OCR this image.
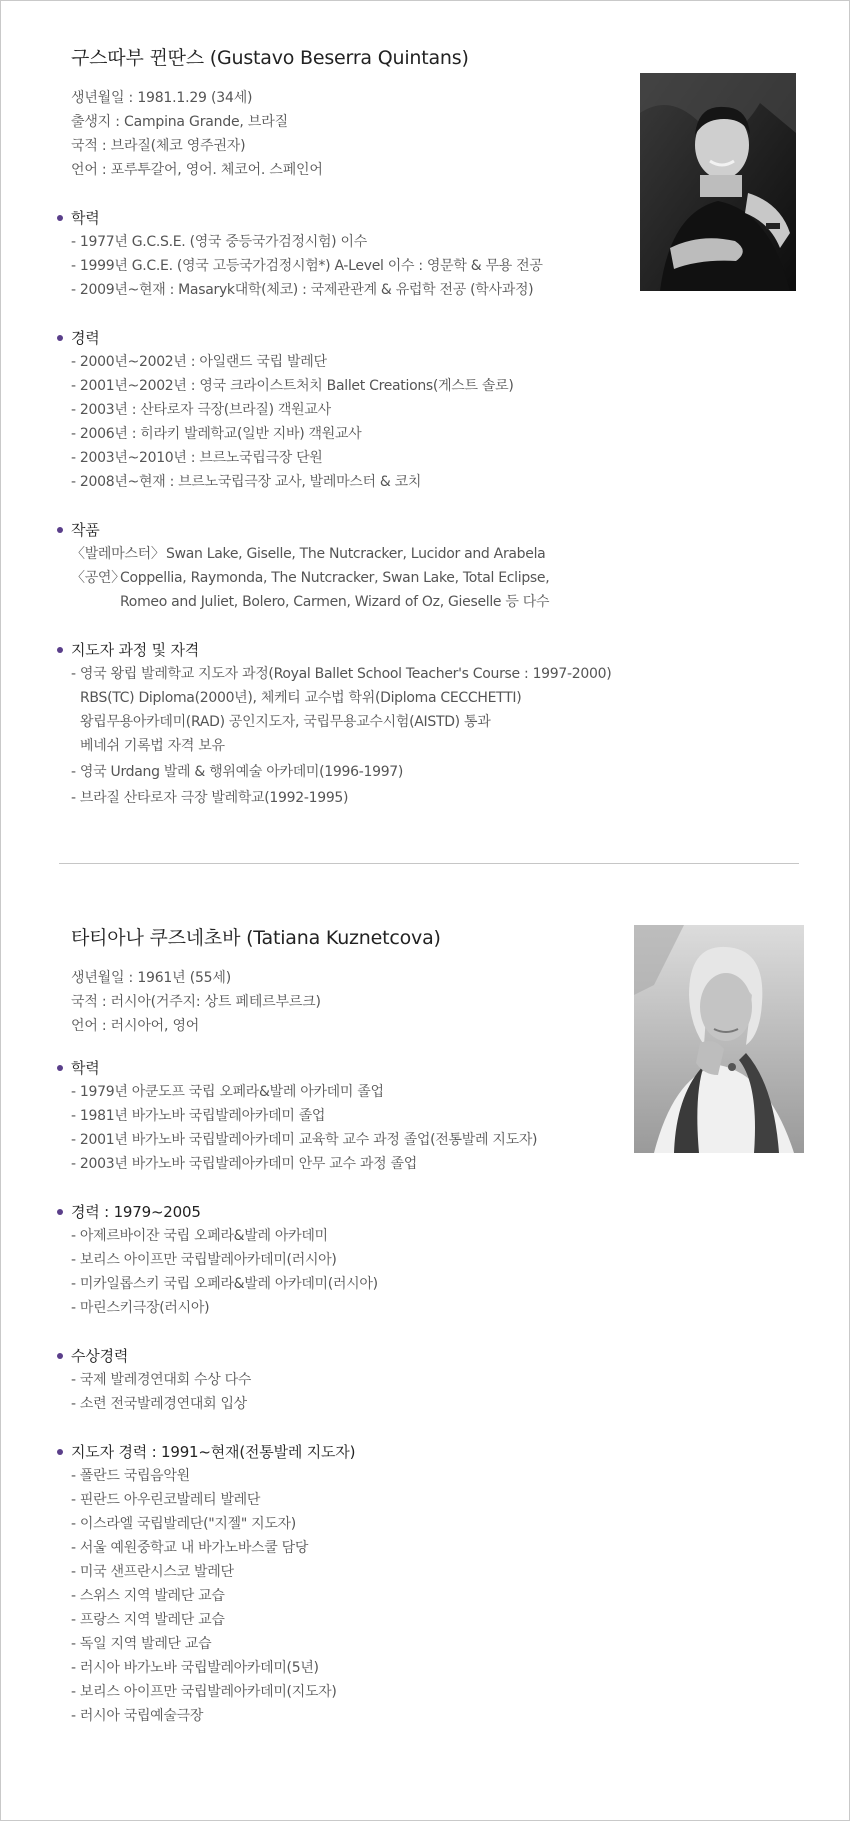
구스따부 뀐딴스 (Gustavo Beserra Quintans)
생년월일 : 1981.1.29 (34세)
출생지 : Campina Grande, 브라질
국적 : 브라질(체코 영주권자)
언어 : 포루투갈어, 영어. 체코어. 스페인어
학력
- 1977년 G.C.S.E. (영국 중등국가검정시험) 이수
- 1999년 G.C.E. (영국 고등국가검정시험*) A-Level 이수 : 영문학 & 무용 전공
- 2009년~현재 : Masaryk대학(체코) : 국제관관계 & 유럽학 전공 (학사과정)
경력
- 2000년~2002년 : 아일랜드 국립 발레단
- 2001년~2002년 : 영국 크라이스트처치 Ballet Creations(게스트 솔로)
- 2003년 : 산타로자 극장(브라질) 객원교사
- 2006년 : 히라키 발레학교(일반 지바) 객원교사
- 2003년~2010년 : 브르노국립극장 단원
- 2008년~현재 : 브르노국립극장 교사, 발레마스터 & 코치
작품
〈발레마스터〉 Swan Lake, Giselle, The Nutcracker, Lucidor and Arabela
〈공연〉
Coppellia, Raymonda, The Nutcracker, Swan Lake, Total Eclipse,
Romeo and Juliet, Bolero, Carmen, Wizard of Oz, Gieselle 등 다수
지도자 과정 및 자격
- 영국 왕립 발레학교 지도자 과정(Royal Ballet School Teacher's Course : 1997-2000)
RBS(TC) Diploma(2000년), 체케티 교수법 학위(Diploma CECCHETTI)
왕립무용아카데미(RAD) 공인지도자, 국립무용교수시험(AISTD) 통과
베네쉬 기록법 자격 보유
- 영국 Urdang 발레 & 행위예술 아카데미(1996-1997)
- 브라질 산타로자 극장 발레학교(1992-1995)
타티아나 쿠즈네초바 (Tatiana Kuznetcova)
생년월일 : 1961년 (55세)
국적 : 러시아(거주지: 상트 페테르부르크)
언어 : 러시아어, 영어
학력
- 1979년 아쿤도프 국립 오페라&발레 아카데미 졸업
- 1981년 바가노바 국립발레아카데미 졸업
- 2001년 바가노바 국립발레아카데미 교육학 교수 과정 졸업(전통발레 지도자)
- 2003년 바가노바 국립발레아카데미 안무 교수 과정 졸업
경력 : 1979~2005
- 아제르바이잔 국립 오페라&발레 아카데미
- 보리스 아이프만 국립발레아카데미(러시아)
- 미카일롭스키 국립 오페라&발레 아카데미(러시아)
- 마린스키극장(러시아)
수상경력
- 국제 발레경연대회 수상 다수
- 소련 전국발레경연대회 입상
지도자 경력 : 1991~현재(전통발레 지도자)
- 폴란드 국립음악원
- 핀란드 아우린코발레티 발레단
- 이스라엘 국립발레단("지젤" 지도자)
- 서울 예원중학교 내 바가노바스쿨 담당
- 미국 샌프란시스코 발레단
- 스위스 지역 발레단 교습
- 프랑스 지역 발레단 교습
- 독일 지역 발레단 교습
- 러시아 바가노바 국립발레아카데미(5년)
- 보리스 아이프만 국립발레아카데미(지도자)
- 러시아 국립예술극장
